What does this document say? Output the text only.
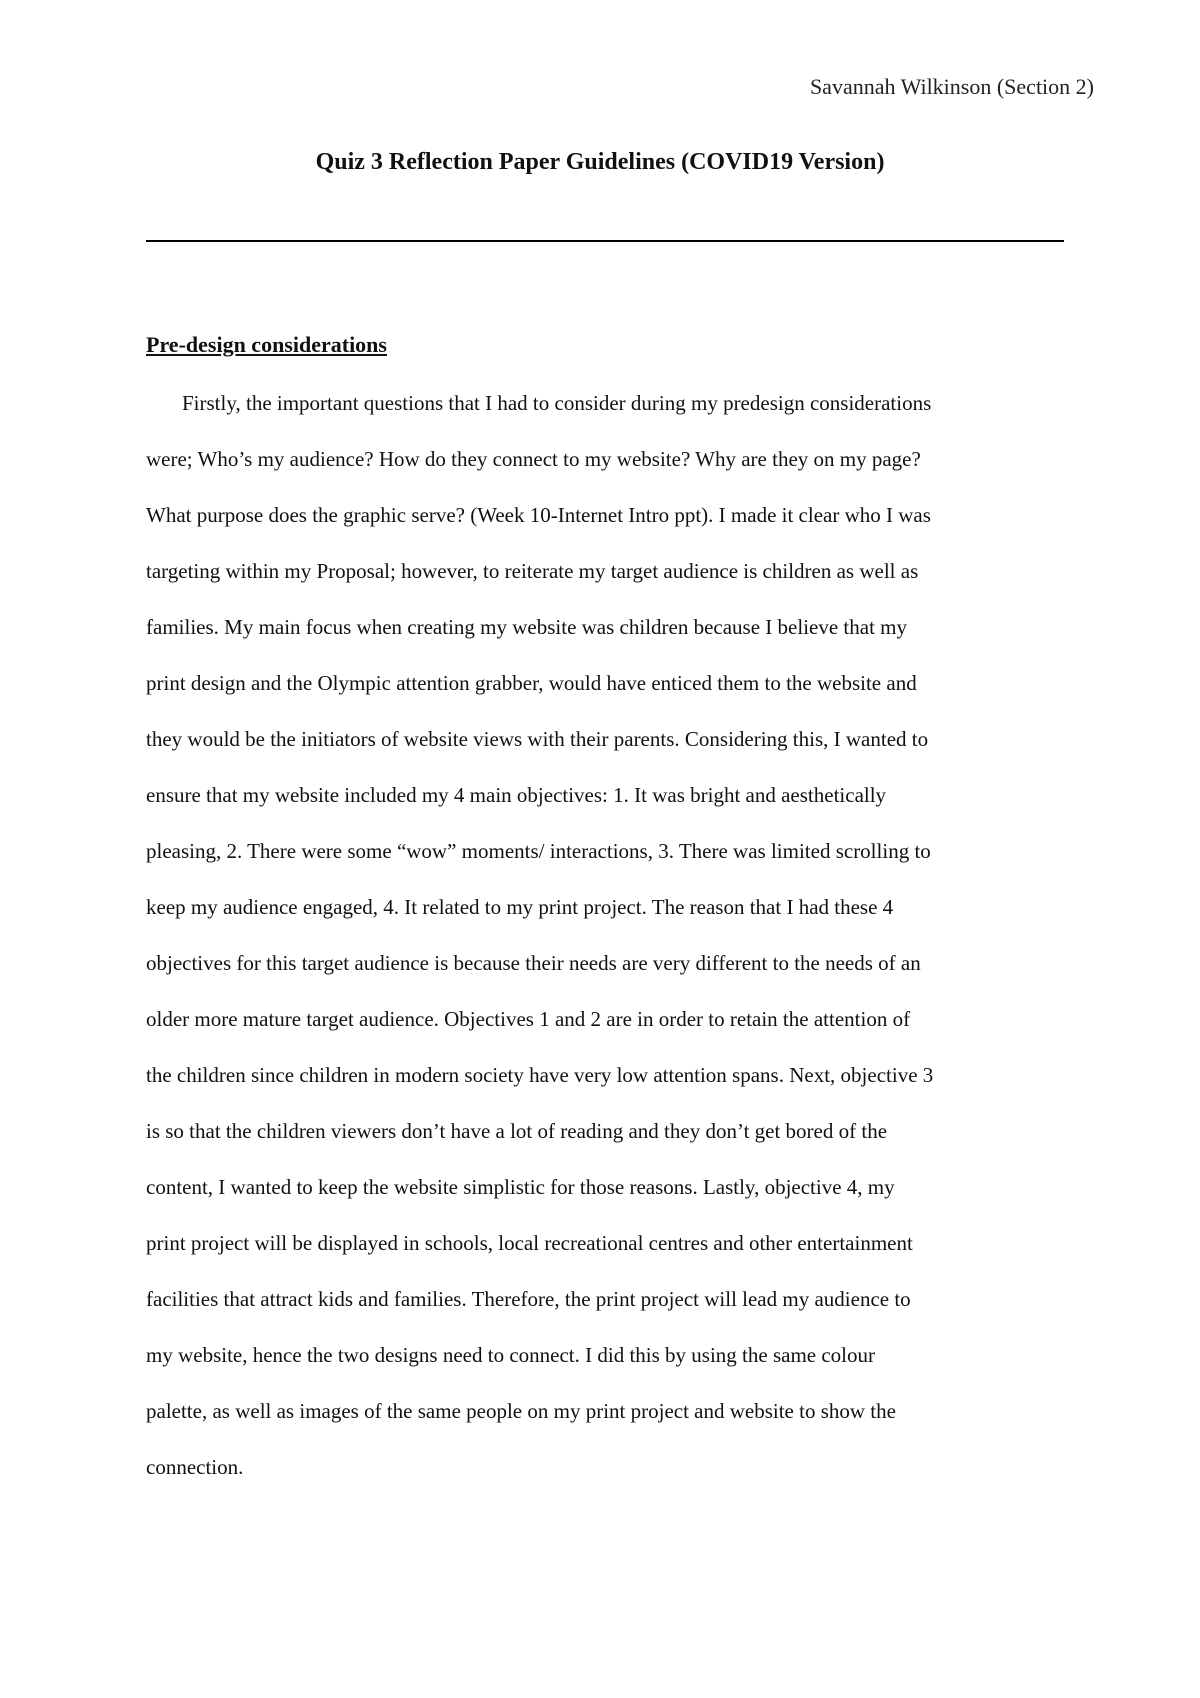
Savannah Wilkinson (Section 2)
Quiz 3 Reflection Paper Guidelines (COVID19 Version)
Pre-design considerations
Firstly, the important questions that I had to consider during my predesign considerations
were; Who’s my audience? How do they connect to my website? Why are they on my page?
What purpose does the graphic serve? (Week 10-Internet Intro ppt). I made it clear who I was
targeting within my Proposal; however, to reiterate my target audience is children as well as
families. My main focus when creating my website was children because I believe that my
print design and the Olympic attention grabber, would have enticed them to the website and
they would be the initiators of website views with their parents. Considering this, I wanted to
ensure that my website included my 4 main objectives: 1. It was bright and aesthetically
pleasing, 2. There were some “wow” moments/ interactions, 3. There was limited scrolling to
keep my audience engaged, 4. It related to my print project. The reason that I had these 4
objectives for this target audience is because their needs are very different to the needs of an
older more mature target audience. Objectives 1 and 2 are in order to retain the attention of
the children since children in modern society have very low attention spans. Next, objective 3
is so that the children viewers don’t have a lot of reading and they don’t get bored of the
content, I wanted to keep the website simplistic for those reasons. Lastly, objective 4, my
print project will be displayed in schools, local recreational centres and other entertainment
facilities that attract kids and families. Therefore, the print project will lead my audience to
my website, hence the two designs need to connect. I did this by using the same colour
palette, as well as images of the same people on my print project and website to show the
connection.
